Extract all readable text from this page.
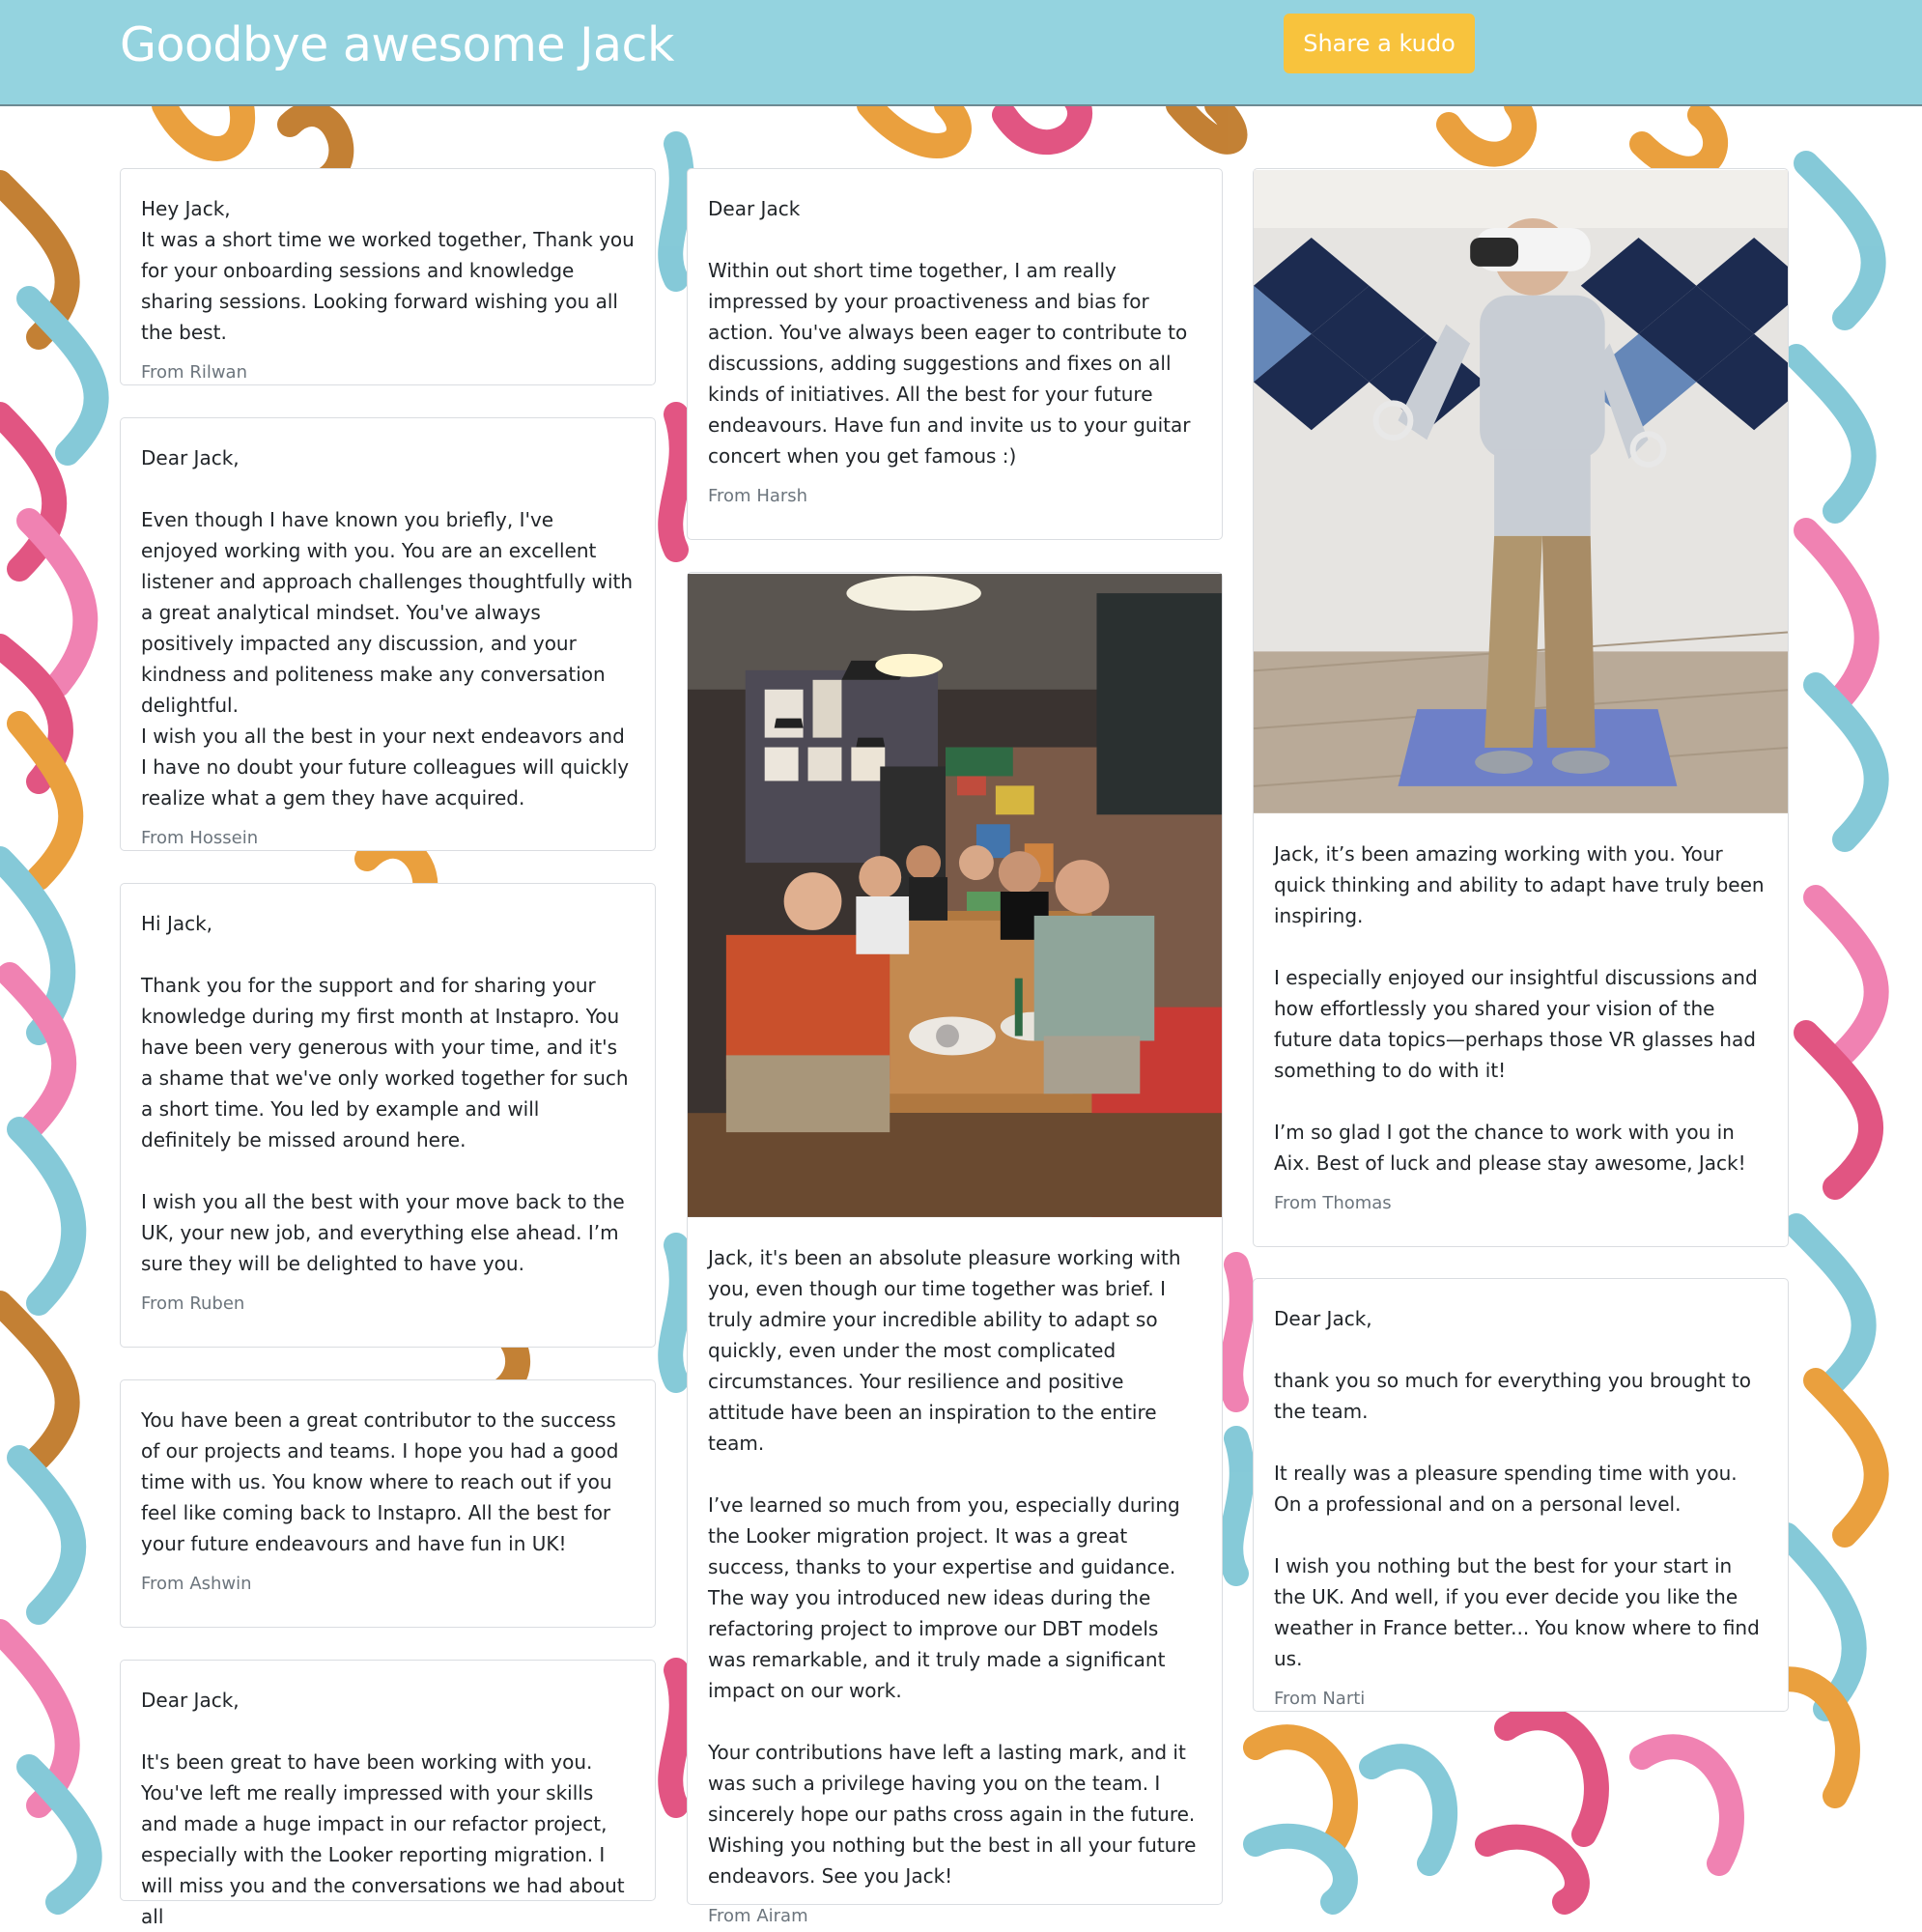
Goodbye awesome Jack	Share a kudo
Hey Jack,
It was a short time we worked together, Thank you for your onboarding sessions and knowledge sharing sessions. Looking forward wishing you all the best.
From Rilwan
Dear Jack,

Even though I have known you briefly, I've enjoyed working with you. You are an excellent listener and approach challenges thoughtfully with a great analytical mindset. You've always positively impacted any discussion, and your kindness and politeness make any conversation delightful.
I wish you all the best in your next endeavors and I have no doubt your future colleagues will quickly realize what a gem they have acquired.
From Hossein
Hi Jack,

Thank you for the support and for sharing your knowledge during my first month at Instapro. You have been very generous with your time, and it's a shame that we've only worked together for such a short time. You led by example and will definitely be missed around here.

I wish you all the best with your move back to the UK, your new job, and everything else ahead. I’m sure they will be delighted to have you.
From Ruben
You have been a great contributor to the success of our projects and teams. I hope you had a good time with us. You know where to reach out if you feel like coming back to Instapro. All the best for your future endeavours and have fun in UK!
From Ashwin
Dear Jack,

It's been great to have been working with you. You've left me really impressed with your skills and made a huge impact in our refactor project, especially with the Looker reporting migration. I will miss you and the conversations we had about all
Dear Jack

Within out short time together, I am really impressed by your proactiveness and bias for action. You've always been eager to contribute to discussions, adding suggestions and fixes on all kinds of initiatives. All the best for your future endeavours. Have fun and invite us to your guitar concert when you get famous :)
From Harsh
Jack, it's been an absolute pleasure working with you, even though our time together was brief. I truly admire your incredible ability to adapt so quickly, even under the most complicated circumstances. Your resilience and positive attitude have been an inspiration to the entire team.

I’ve learned so much from you, especially during the Looker migration project. It was a great success, thanks to your expertise and guidance. The way you introduced new ideas during the refactoring project to improve our DBT models was remarkable, and it truly made a significant impact on our work.

Your contributions have left a lasting mark, and it was such a privilege having you on the team. I sincerely hope our paths cross again in the future. Wishing you nothing but the best in all your future endeavors. See you Jack!
From Airam
Jack, it’s been amazing working with you. Your quick thinking and ability to adapt have truly been inspiring.

I especially enjoyed our insightful discussions and how effortlessly you shared your vision of the future data topics—perhaps those VR glasses had something to do with it!

I’m so glad I got the chance to work with you in Aix. Best of luck and please stay awesome, Jack!
From Thomas
Dear Jack,

thank you so much for everything you brought to the team.

It really was a pleasure spending time with you. On a professional and on a personal level.

I wish you nothing but the best for your start in the UK. And well, if you ever decide you like the weather in France better... You know where to find us.
From Narti
